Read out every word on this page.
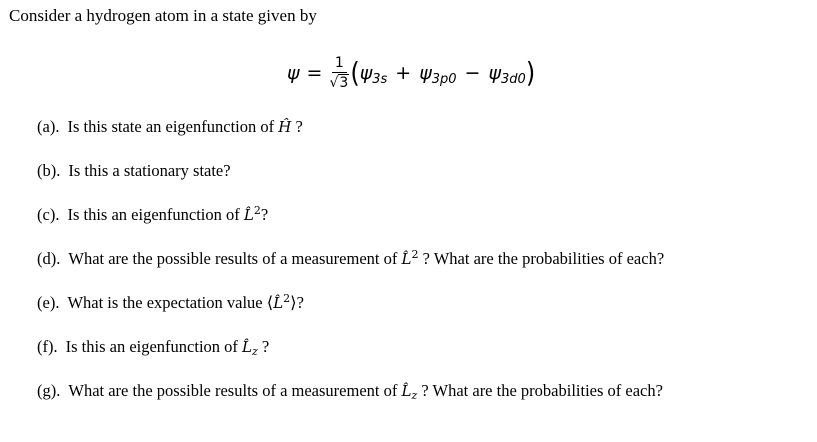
Consider a hydrogen atom in a state given by
$\psi = \frac{1}{√3}$ ( $\psi_{3s} + \psi_{3p0} - \psi_{3d0}$ )
(a). Is this state an eigenfunction of Ĥ ?
(b). Is this a stationary state?
(c). Is this an eigenfunction of L̂$^2$?
(d). What are the possible results of a measurement of L̂$^2$ ? What are the probabilities of each?
(e). What is the expectation value ⟨L̂$^2$⟩?
(f). Is this an eigenfunction of $L̂_z$ ?
(g). What are the possible results of a measurement of $L̂_z$ ? What are the probabilities of each?
